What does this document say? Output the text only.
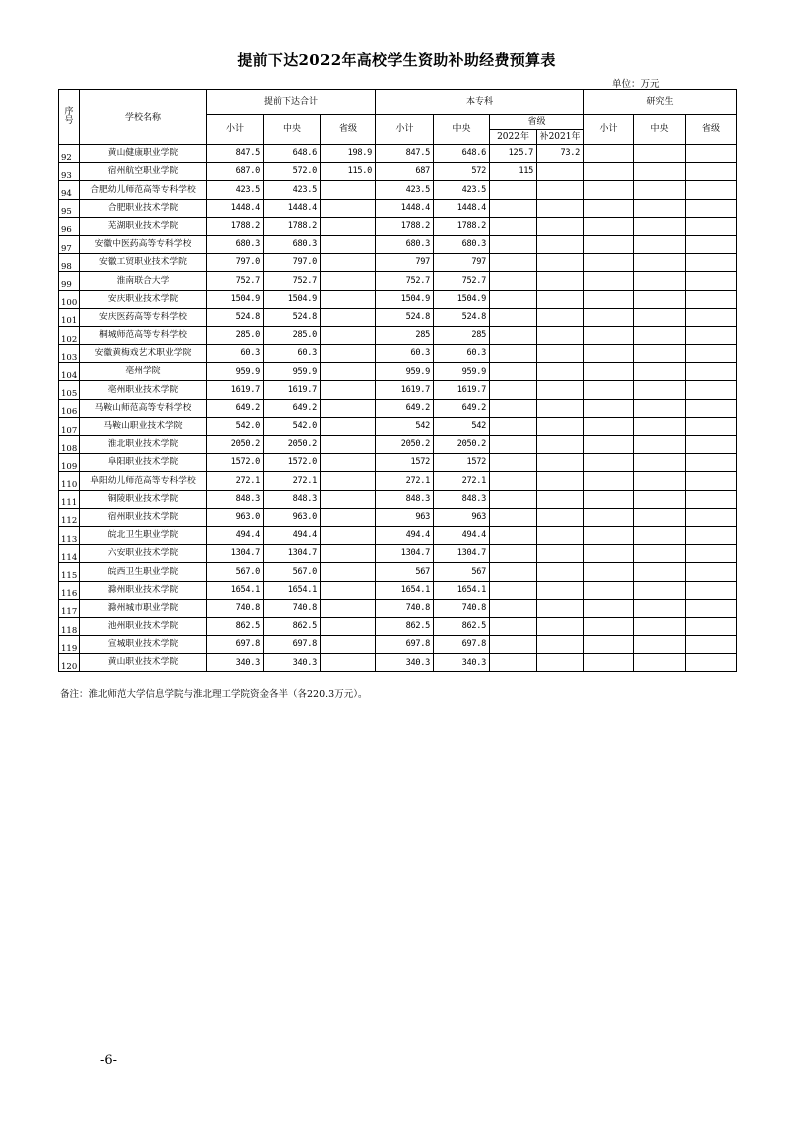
提前下达2022年高校学生资助补助经费预算表
单位：万元
序号	学校名称	提前下达合计			本专科				研究生		
		小计	中央	省级	小计	中央	省级		小计	中央	省级
							2022年	补2021年			
92	黄山健康职业学院	847.5	648.6	198.9	847.5	648.6	125.7	73.2			
93	宿州航空职业学院	687.0	572.0	115.0	687	572	115				
94	合肥幼儿师范高等专科学校	423.5	423.5		423.5	423.5					
95	合肥职业技术学院	1448.4	1448.4		1448.4	1448.4					
96	芜湖职业技术学院	1788.2	1788.2		1788.2	1788.2					
97	安徽中医药高等专科学校	680.3	680.3		680.3	680.3					
98	安徽工贸职业技术学院	797.0	797.0		797	797					
99	淮南联合大学	752.7	752.7		752.7	752.7					
100	安庆职业技术学院	1504.9	1504.9		1504.9	1504.9					
101	安庆医药高等专科学校	524.8	524.8		524.8	524.8					
102	桐城师范高等专科学校	285.0	285.0		285	285					
103	安徽黄梅戏艺术职业学院	60.3	60.3		60.3	60.3					
104	亳州学院	959.9	959.9		959.9	959.9					
105	亳州职业技术学院	1619.7	1619.7		1619.7	1619.7					
106	马鞍山师范高等专科学校	649.2	649.2		649.2	649.2					
107	马鞍山职业技术学院	542.0	542.0		542	542					
108	淮北职业技术学院	2050.2	2050.2		2050.2	2050.2					
109	阜阳职业技术学院	1572.0	1572.0		1572	1572					
110	阜阳幼儿师范高等专科学校	272.1	272.1		272.1	272.1					
111	铜陵职业技术学院	848.3	848.3		848.3	848.3					
112	宿州职业技术学院	963.0	963.0		963	963					
113	皖北卫生职业学院	494.4	494.4		494.4	494.4					
114	六安职业技术学院	1304.7	1304.7		1304.7	1304.7					
115	皖西卫生职业学院	567.0	567.0		567	567					
116	滁州职业技术学院	1654.1	1654.1		1654.1	1654.1					
117	滁州城市职业学院	740.8	740.8		740.8	740.8					
118	池州职业技术学院	862.5	862.5		862.5	862.5					
119	宣城职业技术学院	697.8	697.8		697.8	697.8					
120	黄山职业技术学院	340.3	340.3		340.3	340.3					
备注：淮北师范大学信息学院与淮北理工学院资金各半（各220.3万元）。
-6-
